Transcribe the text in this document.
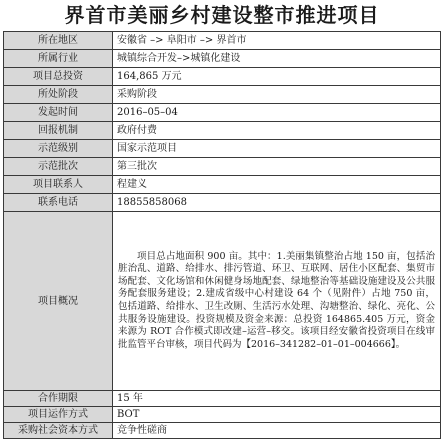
界首市美丽乡村建设整市推进项目
所在地区	安徽省 –> 阜阳市 –> 界首市
所属行业	城镇综合开发–>城镇化建设
项目总投资	164,865 万元
所处阶段	采购阶段
发起时间	2016–05–04
回报机制	政府付费
示范级别	国家示范项目
示范批次	第三批次
项目联系人	程建义
联系电话	18855858068
项目概况	项目总占地面积 900 亩。其中：1.美丽集镇整治占地 150 亩，包括治脏治乱、道路、给排水、排污管道、环卫、互联网、居住小区配套、集贸市场配套、文化场馆和休闲健身场地配套、绿地整治等基础设施建设及公共服务配套服务建设；2.建成省级中心村建设 64 个（见附件）占地 750 亩，包括道路、给排水、卫生改厕、生活污水处理、沟塘整治、绿化、亮化、公共服务设施建设。投资规模及资金来源：总投资 164865.405 万元，资金来源为 ROT 合作模式即改建–运营–移交。该项目经安徽省投资项目在线审批监管平台审核，项目代码为【2016–341282–01–01–004666】。
合作期限	15 年
项目运作方式	BOT
采购社会资本方式	竞争性磋商
